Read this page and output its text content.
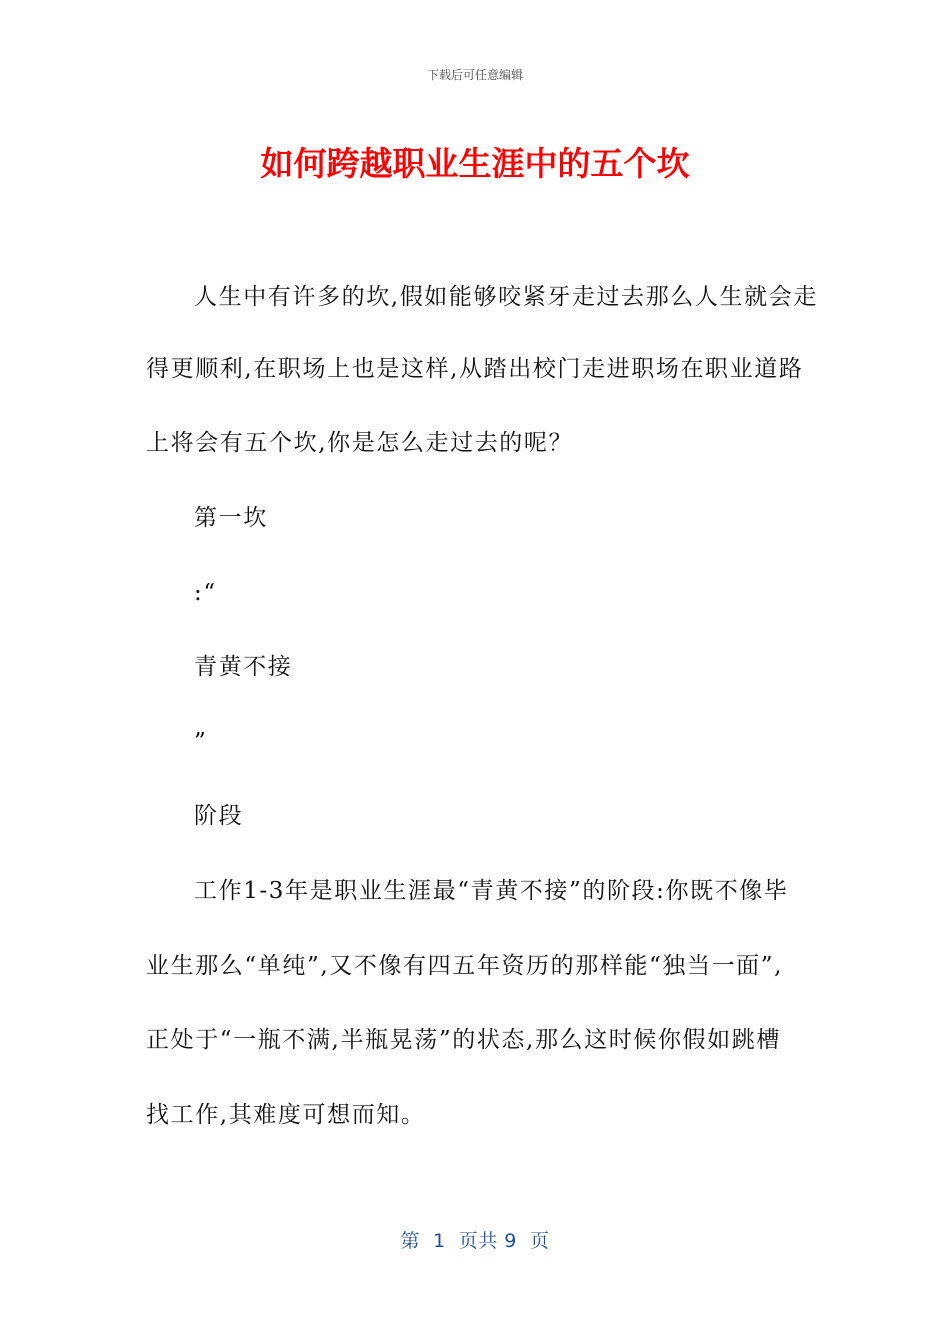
下载后可任意编辑
如何跨越职业生涯中的五个坎
人生中有许多的坎,假如能够咬紧牙走过去那么人生就会走
得更顺利,在职场上也是这样,从踏出校门走进职场在职业道路
上将会有五个坎,你是怎么走过去的呢？
第一坎
:“
青黄不接
”
阶段
工作1-3年是职业生涯最“青黄不接”的阶段:你既不像毕
业生那么“单纯”,又不像有四五年资历的那样能“独当一面”,
正处于“一瓶不满,半瓶晃荡”的状态,那么这时候你假如跳槽
找工作,其难度可想而知。
第  1  页共 9  页
